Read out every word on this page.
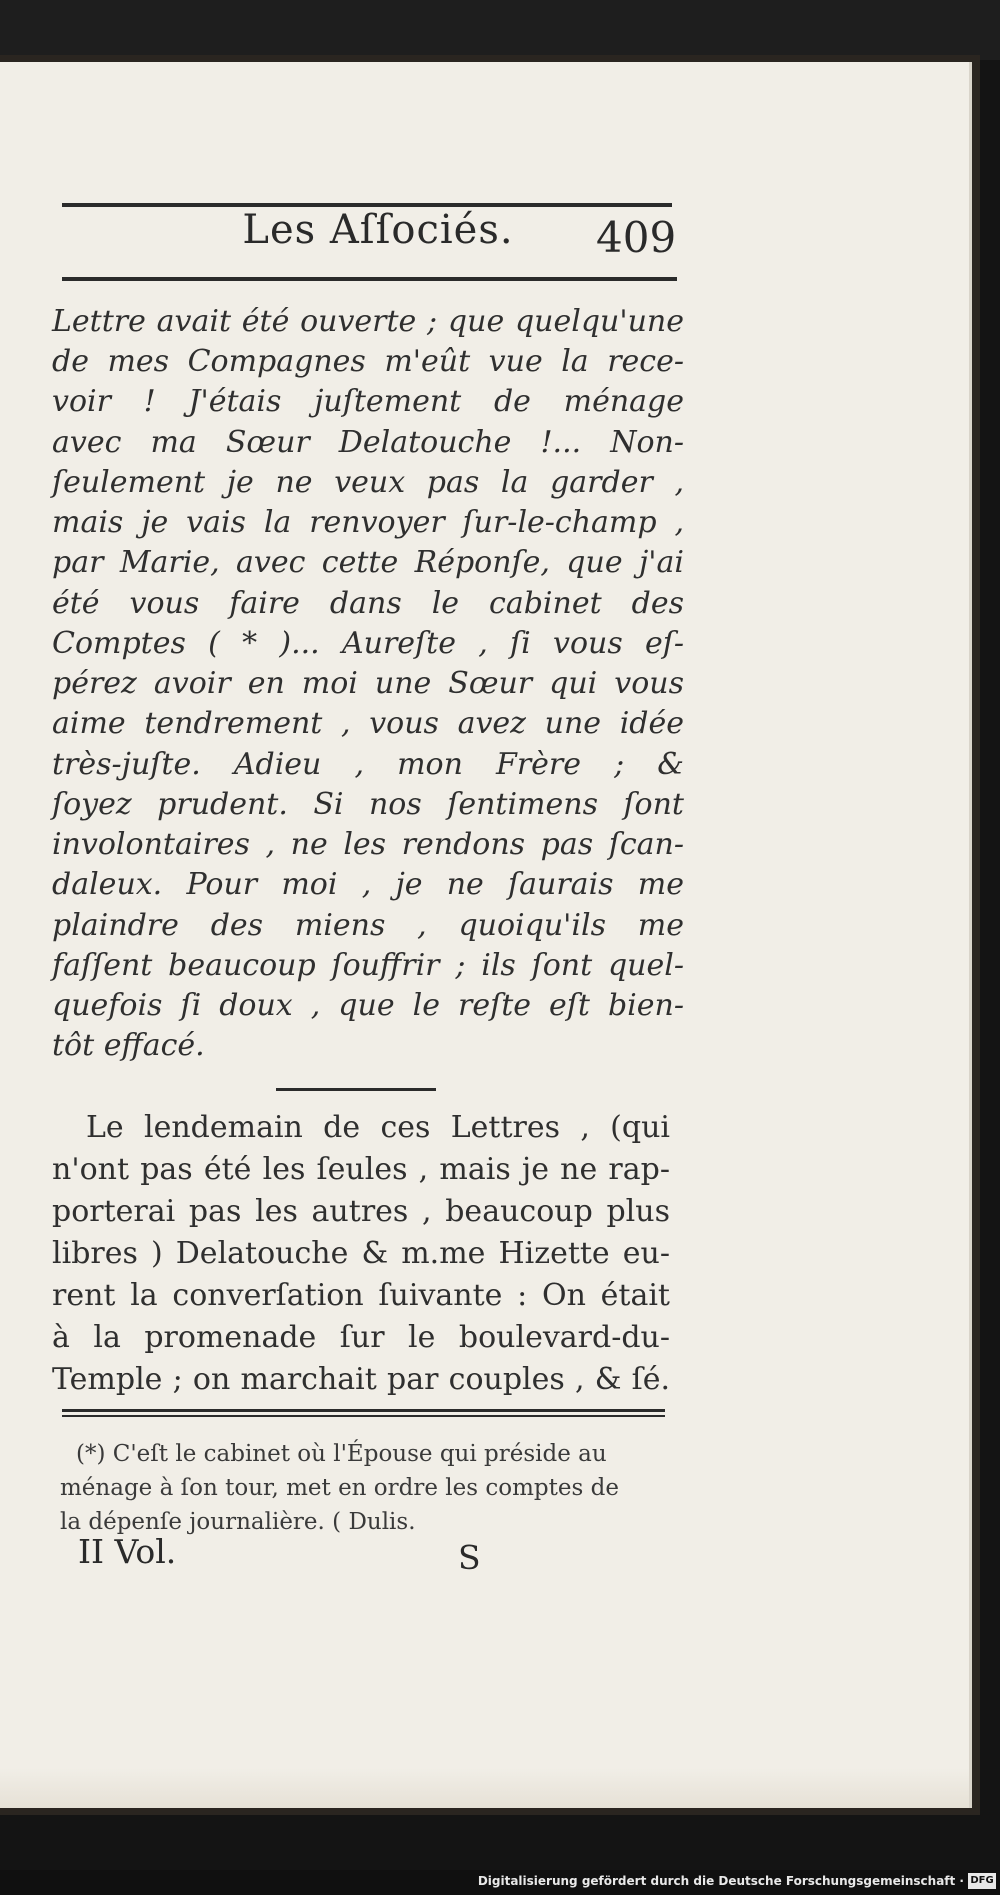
Les Aſſociés.	409
Lettre avait été ouverte ; que quelqu'une
de mes Compagnes m'eût vue la rece-
voir ! J'étais juſtement de ménage
avec ma Sœur Delatouche !... Non-
ſeulement je ne veux pas la garder ,
mais je vais la renvoyer ſur-le-champ ,
par Marie, avec cette Réponſe, que j'ai
été vous faire dans le cabinet des
Comptes ( * )... Aureſte , ſi vous eſ-
pérez avoir en moi une Sœur qui vous
aime tendrement , vous avez une idée
très-juſte. Adieu , mon Frère ; &
ſoyez prudent. Si nos ſentimens ſont
involontaires , ne les rendons pas ſcan-
daleux. Pour moi , je ne ſaurais me
plaindre des miens , quoiqu'ils me
faſſent beaucoup ſouffrir ; ils ſont quel-
quefois ſi doux , que le reſte eſt bien-
tôt effacé.
Le lendemain de ces Lettres , (qui
n'ont pas été les ſeules , mais je ne rap-
porterai pas les autres , beaucoup plus
libres ) Delatouche & m.me Hizette eu-
rent la converſation ſuivante : On était
à la promenade ſur le boulevard-du-
Temple ; on marchait par couples , & ſé.
(*) C'eſt le cabinet où l'Épouse qui préside au
ménage à ſon tour, met en ordre les comptes de
la dépenſe journalière. ( Dulis.
II Vol.	S
Digitalisierung gefördert durch die Deutsche Forschungsgemeinschaft · DFG
